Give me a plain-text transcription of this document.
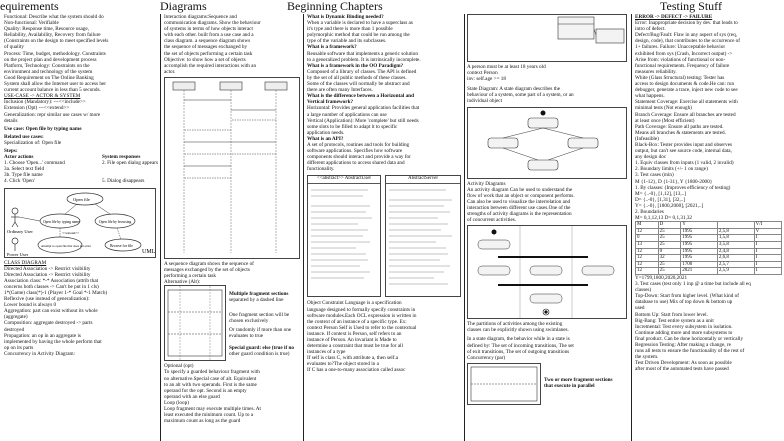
equirements	Diagrams	Beginning Chapters	Testing Stuff

Functional: Describe what the system should do

Non-functional: Verifiable

Quality: Response time, Resource usage,

Reliability, Availability, Recovery from failure

(Constraints on the design to meet specified levels

of quality

Process: Time, budget, methodology. Constraints

on the project plan and development process

Platform, Technology: Constraints on the

environment and technology of the system

Good Requirement on The Online Banking

System shall allow the Internet user to access her

current account balance in less than 5 seconds.

USE-CASE -> ACTOR & SYSTEM

Inclusion (Mandatory): ---<<include>>

Extension (Opt) ---<<extend>>

Generalization: repr similar use cases w/ more

details

Use case: Open file by typing name

Related use cases:

Specialization of: Open file

Steps:

Actor actions

1. Choose 'Open...' command

3a. Select text field

3b. Type file name

4. Click 'Open'

System responses

2. File open dialog appears

5. Dialog disappears

Ordinary User
Power User
Open file
Open file by typing name	Open file by browsing
Attempt to open file that does not exist	Browse for file
<<extend>>
UML

CLASS DIAGRAM

Directed Association -> Restrict visibility

Directed Association -> Restrict visibility

Association class: *-* Association (attrib that

concerns both classes -> Can't be put in 1 cls)

1*(Game) class(*)-1 (Player 1-* Goal *-1 Match)

Reflexive (use instead of generalization):

Lower bound is always 0

Aggregation: part can exist without its whole

(aggregate)

Composition: aggregate destroyed -> parts

destroyed

Propagation: an op in an aggregate is

implemented by having the whole perform that

op on its parts

Concurrency in Activity Diagram:

Interaction diagrams:Sequence and

communication diagrams. Show the behaviour

of systems in terms of how objects interact

with each other. built from a use case and a

class diagram. a sequence diagram shows

the sequence of messages exchanged by

the set of objects performing a certain task

Objective: to show how a set of objects

accomplish the required interactions with an

actor.

A sequence diagram shows the sequence of

messages exchanged by the set of objects

performing a certain task

Alternative (Alt):

Multiple fragment sections

separated by a dashed line

One fragment section will be

chosen exclusively

Or randomly if more than one

evaluates to true

Special guard: else (true if no

other guard condition is true)

Optional (opt)

To specify a guarded behaviour fragment with

no alternative.Special case of alt. Equivalent

to an alt with two operands. First is the same

operand for the opt. Second is an empty

operand with an else guard

Loop (loop)

Loop fragment may execute multiple times. At

least executed the minimum count. Up to a

maximum count as long as the guard

What is Dynamic Binding needed?

When a variable is declared to have a superclass as

it's type and there is more than 1 possible

polymorphic method that could be run among the

type of the variable and its subclasses.

What is a framework?

Reusable software that implements a generic solution

to a generalized problem. It is intrinsically incomplete.

What is a framework in the OO Paradigm?

Composed of a library of classes. The API is defined

by the set of all public methods of these classes.

Some of the classes will normally be abstract and

there are often many Interfaces.

What is the difference between a Horizontal and

Vertical framework?

Horizontal: Provides general application facilities that

a large number of applications can use

Vertical (Application): More 'complete' but still needs

some slots to be filled to adapt it to specific

application needs.

What is an API?

A set of protocols, routines and tools for building

software applications. Specifies how software

components should interact and provide a way for

different applications to access shared data and

functionality.

<<abstract>> AbstractUser	AbstractServer

Object Constraint Language is a specification

language designed to formally specify constraints in

software modules.Each OCL expression is written in

the context of an instance of a specific type. Ex:

context Person Self is Used to refer to the contextual

instance. If context is Person, self refers to an

instance of Person. An invariant is Made to

determine a constraint that must be true for all

instances of a type

If self is class C, with attribute a, then self.a

evaluates to?The object stored in a

If C has a one-to-many association called assoc

A person must be at least 18 years old

context Person

inv: self.age >= 18

State Diagram: A state diagram describes the

behaviour of a system, some part of a system, or an

individual object

Activity Diagrams

An activity diagram Can be used to understand the

flow of work that an object or component performs.

Can also be used to visualize the interrelation and

interaction between different use cases.One of the

strengths of activity diagrams is the representation

of concurrent activities.

The partitions of activities among the existing

classes can be explicitly shown using swimlanes.

In a state diagram, the behavior while in a state is

defined by: The set of incoming transitions, The set

of exit transitions, The set of outgoing transitions

Concurrency (par)

Two or more fragment sections

that execute in parallel

ERROR -> DEFECT -> FAILURE

Error: Inappropriate decision by dev. that leads to

intro of defect.

Defect/Bug/Fault: Flaw in any aspect of sys (req,

design, code), that contributes to the occurrence of

1+ failures. Failure: Unacceptable behavior

exhibited from sys (Crash, Incorrect output) ->

Arise from: violations of functional or non-

functional requirements. Frequency of failure

measures reliability.

White (Glass Structural) testing: Tester has

access to design documents & code.He can: run

debugger, generate a trace, inject new code to see

what happens.

Statement Coverage: Exercise all statements with

minimal tests (Not enough)

Branch Coverage: Ensure all branches are tested

at least once (Most efficient)

Path Coverage: Ensure all paths are tested.

Means all branches & statements are tested.

(Infeasible)

Black-Box: Tester provides input and observes

output, but can't see source code, internal data,

any design doc

1. Equiv classes from inputs (1 valid, 2 invalid)

2. Boundary limits (+/- 1 on range)

3. Test cases (min)

M {1-12}, D {1-31}, Y {1800-2000}

1. By classes: (Improves efficiency of testing)

M= {..-0}, [1,12], [13,..]

D= {..-0}, [1,31], [32,..]

Y= {..-0}, [1800,2000], [2021,..]

2. Boundaries

M= 0,1,12,13 D= 0,1,31,32

M	D	Y		V/I
12	25	1995	2,5,8	V
0	25	1995	1,5,8	I
13	25	1995	3,5,8	I
12	0	1995	2,4,8	I
12	32	1995	2,6,8	I
12	25	1700	2,5,7	I
12	25	2021	2,5,9	I

Y=1799,1800,2020,2021

3. Test cases (test only 1 inp @ a time but include all eq

classes)

Top-Down: Start from higher level. (What kind of

database to use) Mix of top down & bottom up

used

Bottom Up: Start from lower level.

Big-Bang: Test entire system as a unit

Incremental: Test every subsystem in isolation.

Continue adding more and more subsystems to

final product. Can be done horizontally or vertically

Regression Testing: After making a change, re

runs all tests to ensure the functionality of the rest of

the system.

Test Driven Development: As soon as possible

after most of the automated tests have passed
